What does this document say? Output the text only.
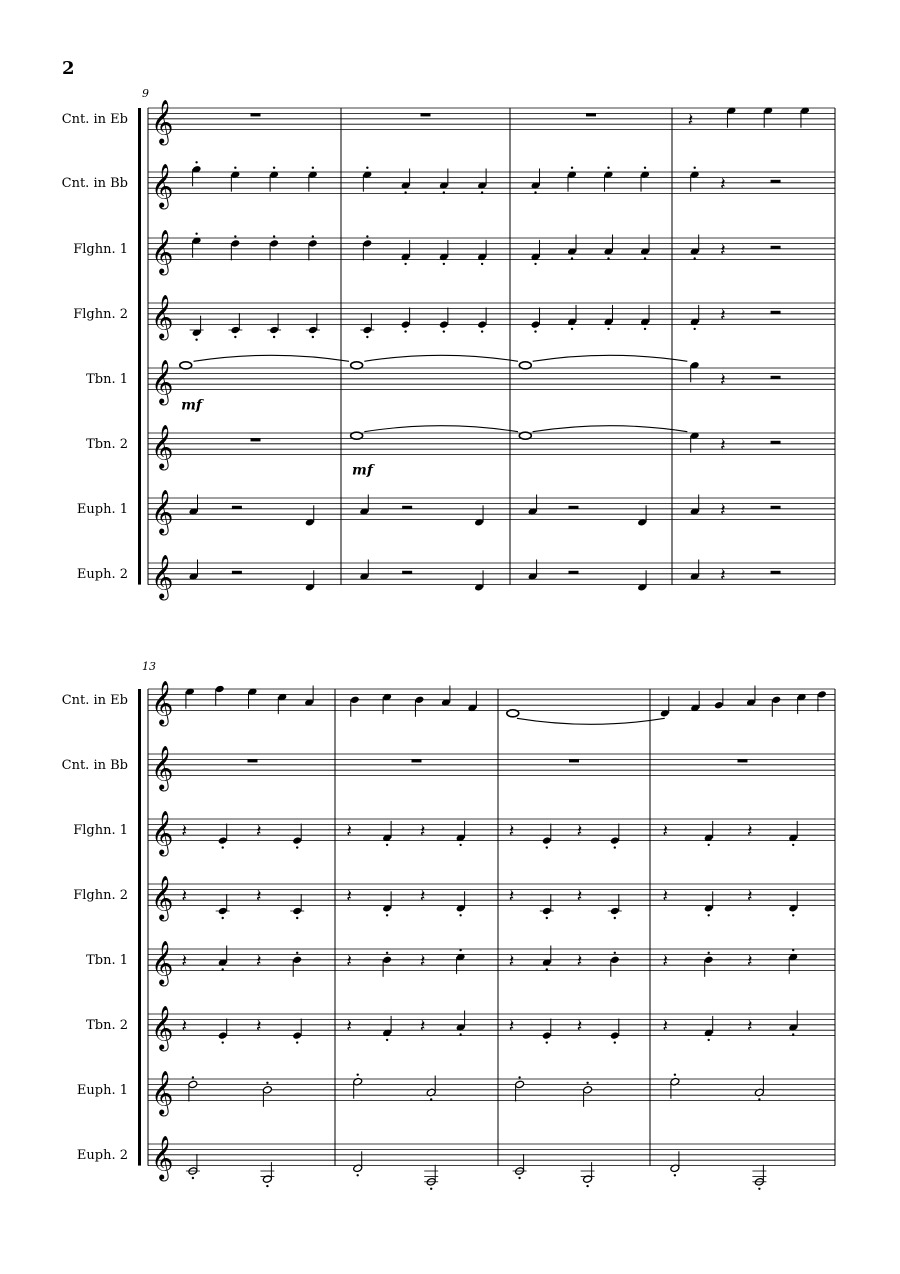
2
9
𝄞
Cnt. in Eb
𝄞
Cnt. in Bb
𝄞
Flghn. 1
𝄞
Flghn. 2
𝄞
Tbn. 1
𝄞
Tbn. 2
𝄞
Euph. 1
𝄞
Euph. 2
𝄽
𝄽
𝄽
𝄽
𝄽
𝄽
𝄽
𝄽
mf
mf
13
𝄞
Cnt. in Eb
𝄞
Cnt. in Bb
𝄞
Flghn. 1
𝄞
Flghn. 2
𝄞
Tbn. 1
𝄞
Tbn. 2
𝄞
Euph. 1
𝄞
Euph. 2
𝄽	𝄽	𝄽	𝄽	𝄽	𝄽	𝄽	𝄽
𝄽	𝄽	𝄽	𝄽	𝄽	𝄽	𝄽	𝄽
𝄽	𝄽	𝄽	𝄽	𝄽	𝄽	𝄽	𝄽
𝄽	𝄽	𝄽	𝄽	𝄽	𝄽	𝄽	𝄽
